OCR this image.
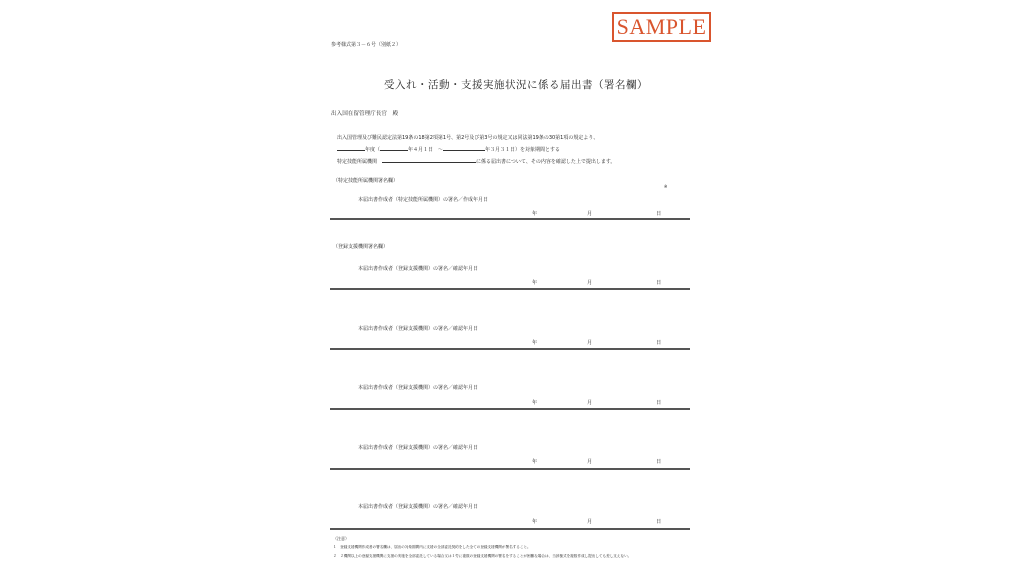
SAMPLE
参考様式第３－６号（別紙２）
受入れ・活動・支援実施状況に係る届出書（署名欄）
出入国在留管理庁長官　殿
出入国管理及び難民認定法第19条の18第2項第1号、第2号及び第3号の規定又は同法第19条の30第1項の規定より、
年度（	年４月１日　～	年３月３１日）を対象期間とする
特定技能所属機関　	に係る届出書について、その内容を確認した上で提出します。
（特定技能所属機関署名欄）
※
本届出書作成者（特定技能所属機関）の署名／作成年月日
年	月	日
（登録支援機関署名欄）
本届出書作成者（登録支援機関）の署名／確認年月日
年	月	日
本届出書作成者（登録支援機関）の署名／確認年月日
年	月	日
本届出書作成者（登録支援機関）の署名／確認年月日
年	月	日
本届出書作成者（登録支援機関）の署名／確認年月日
年	月	日
本届出書作成者（登録支援機関）の署名／確認年月日
年	月	日
（注意）
１　登録支援機関作成者の署名欄は、届出の対象期間内に支援の全部委託契約をした全ての登録支援機関が署名すること。
２　２機関以上の登録支援機関に支援の実施を全部委託している場合又は１労に複数の登録支援機関の署名をすることが困難な場合は、当該様式を複数作成し提出しても差し支えない。
